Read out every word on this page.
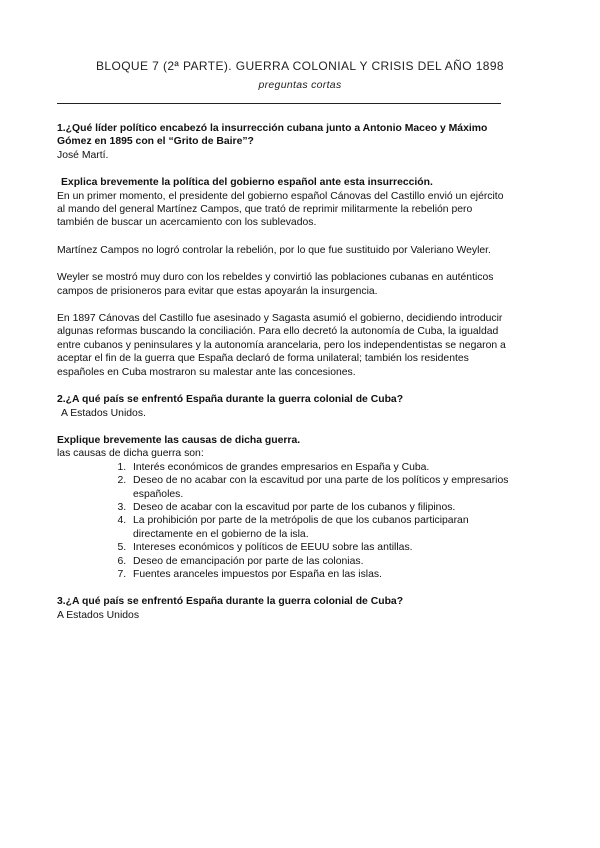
BLOQUE 7 (2ª PARTE). GUERRA COLONIAL Y CRISIS DEL AÑO 1898
preguntas cortas

1.¿Qué líder político encabezó la insurrección cubana junto a Antonio Maceo y Máximo Gómez en 1895 con el “Grito de Baire”?

José Martí.

Explica brevemente la política del gobierno español ante esta insurrección.

En un primer momento, el presidente del gobierno español Cánovas del Castillo envió un ejército al mando del general Martínez Campos, que trató de reprimir militarmente la rebelión pero también de buscar un acercamiento con los sublevados.

Martínez Campos no logró controlar la rebelión, por lo que fue sustituido por Valeriano Weyler.

Weyler se mostró muy duro con los rebeldes y convirtió las poblaciones cubanas en auténticos campos de prisioneros para evitar que estas apoyarán la insurgencia.

En 1897 Cánovas del Castillo fue asesinado y Sagasta asumió el gobierno, decidiendo introducir algunas reformas buscando la conciliación. Para ello decretó la autonomía de Cuba, la igualdad entre cubanos y peninsulares y la autonomía arancelaria, pero los independentistas se negaron a aceptar el fin de la guerra que España declaró de forma unilateral; también los residentes españoles en Cuba mostraron su malestar ante las concesiones.

2.¿A qué país se enfrentó España durante la guerra colonial de Cuba?

A Estados Unidos.

Explique brevemente las causas de dicha guerra.

las causas de dicha guerra son:

1. Interés económicos de grandes empresarios en España y Cuba.
2. Deseo de no acabar con la escavitud por una parte de los políticos y empresarios españoles.
3. Deseo de acabar con la escavitud por parte de los cubanos y filipinos.
4. La prohibición por parte de la metrópolis de que los cubanos participaran directamente en el gobierno de la isla.
5. Intereses económicos y políticos de EEUU sobre las antillas.
6. Deseo de emancipación por parte de las colonias.
7. Fuentes aranceles impuestos por España en las islas.

3.¿A qué país se enfrentó España durante la guerra colonial de Cuba?

A Estados Unidos
